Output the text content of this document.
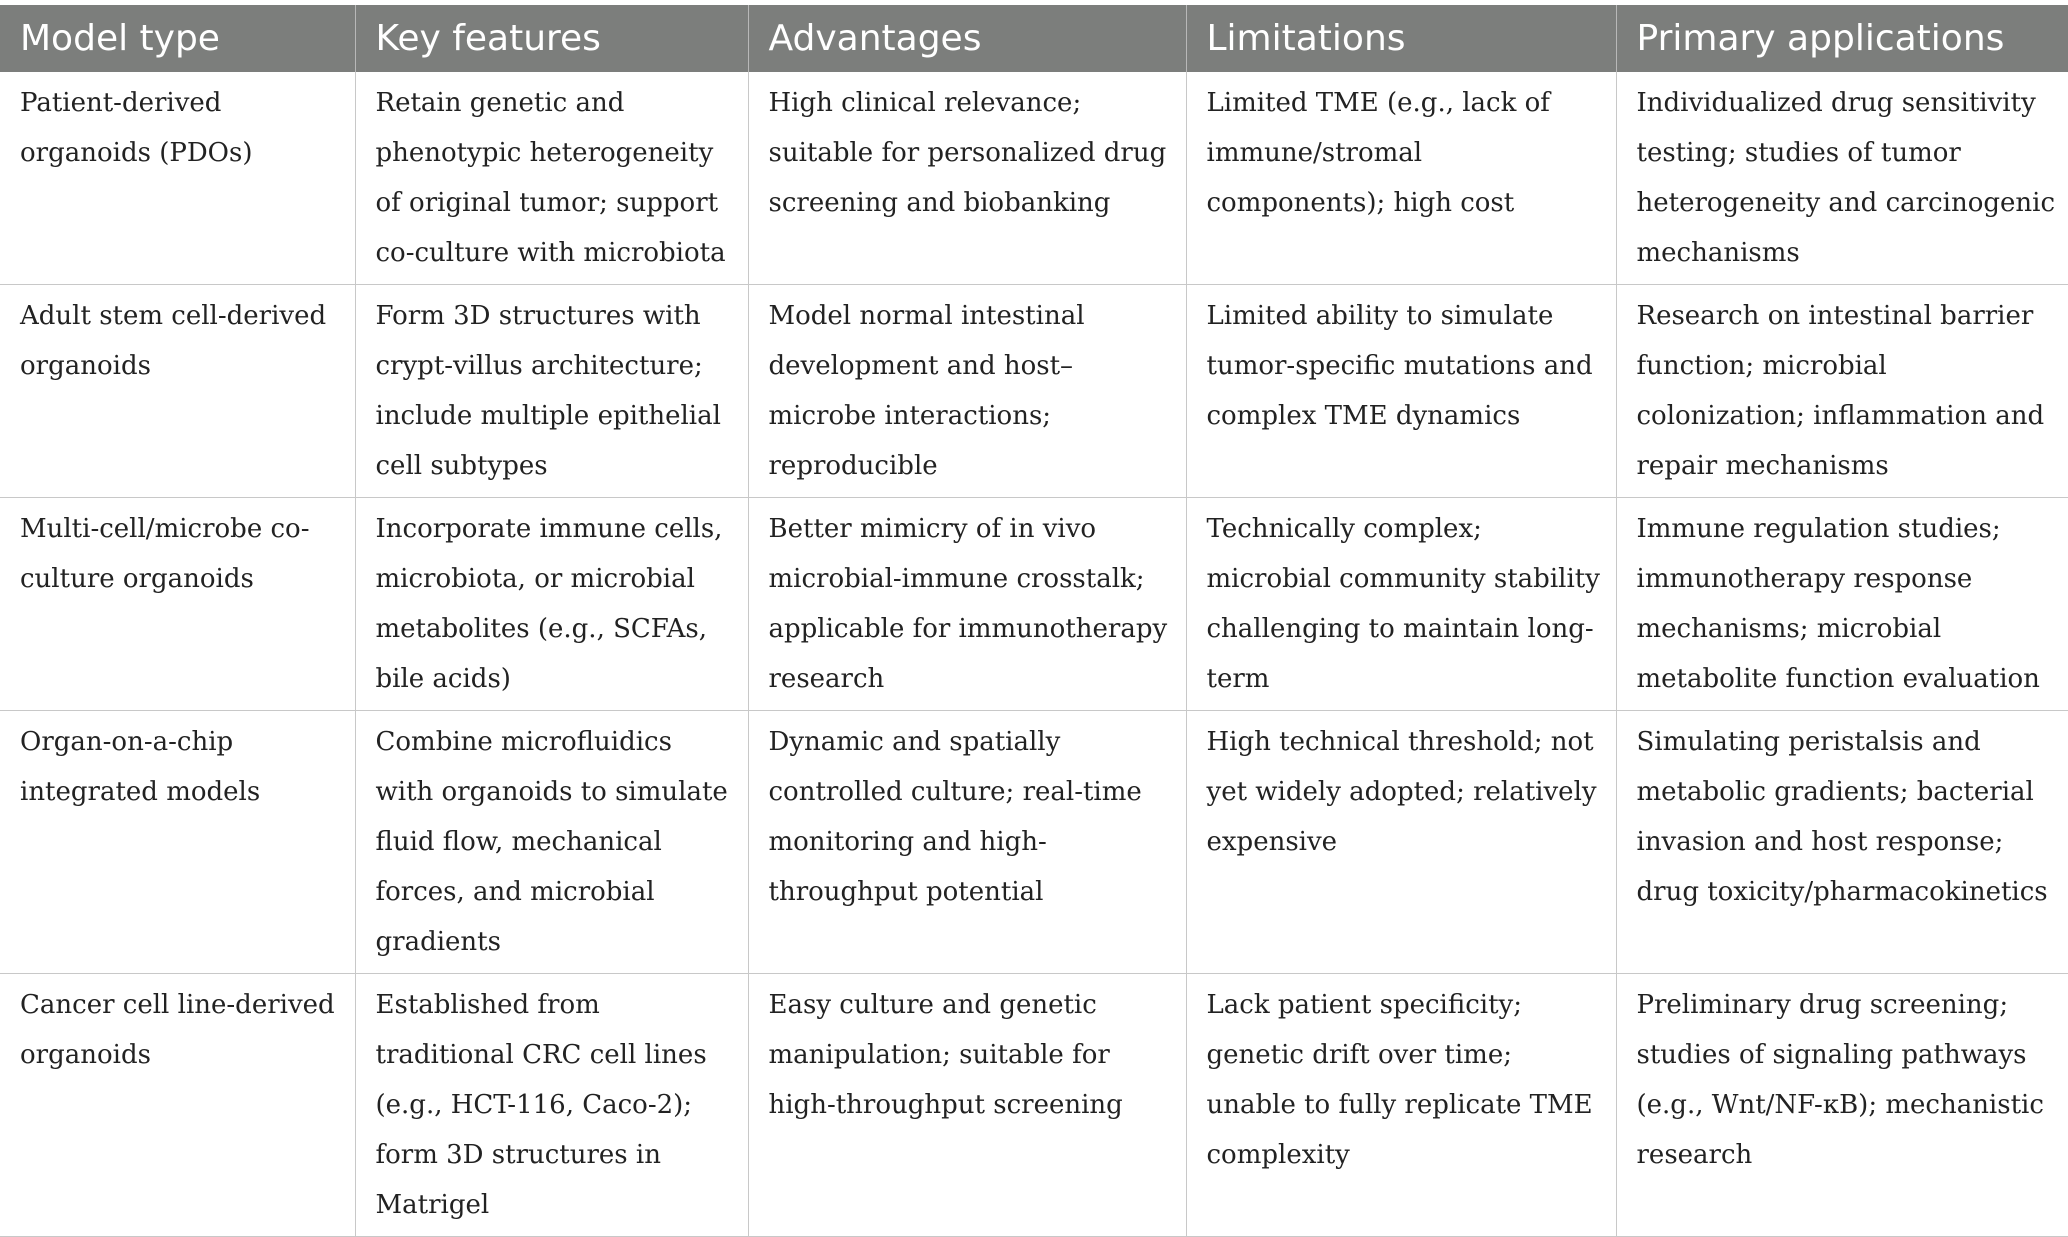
Model type	Key features	Advantages	Limitations	Primary applications
Patient-derived organoids (PDOs)	Retain genetic and phenotypic heterogeneity of original tumor; support co-culture with microbiota	High clinical relevance; suitable for personalized drug screening and biobanking	Limited TME (e.g., lack of immune/stromal components); high cost	Individualized drug sensitivity testing; studies of tumor heterogeneity and carcinogenic mechanisms
Adult stem cell-derived organoids	Form 3D structures with crypt-villus architecture; include multiple epithelial cell subtypes	Model normal intestinal development and host–microbe interactions; reproducible	Limited ability to simulate tumor-specific mutations and complex TME dynamics	Research on intestinal barrier function; microbial colonization; inflammation and repair mechanisms
Multi-cell/microbe co-culture organoids	Incorporate immune cells, microbiota, or microbial metabolites (e.g., SCFAs, bile acids)	Better mimicry of in vivo microbial-immune crosstalk; applicable for immunotherapy research	Technically complex; microbial community stability challenging to maintain long-term	Immune regulation studies; immunotherapy response mechanisms; microbial metabolite function evaluation
Organ-on-a-chip integrated models	Combine microfluidics with organoids to simulate fluid flow, mechanical forces, and microbial gradients	Dynamic and spatially controlled culture; real-time monitoring and high-throughput potential	High technical threshold; not yet widely adopted; relatively expensive	Simulating peristalsis and metabolic gradients; bacterial invasion and host response; drug toxicity/pharmacokinetics
Cancer cell line-derived organoids	Established from traditional CRC cell lines (e.g., HCT-116, Caco-2); form 3D structures in Matrigel	Easy culture and genetic manipulation; suitable for high-throughput screening	Lack patient specificity; genetic drift over time; unable to fully replicate TME complexity	Preliminary drug screening; studies of signaling pathways (e.g., Wnt/NF-κB); mechanistic research
